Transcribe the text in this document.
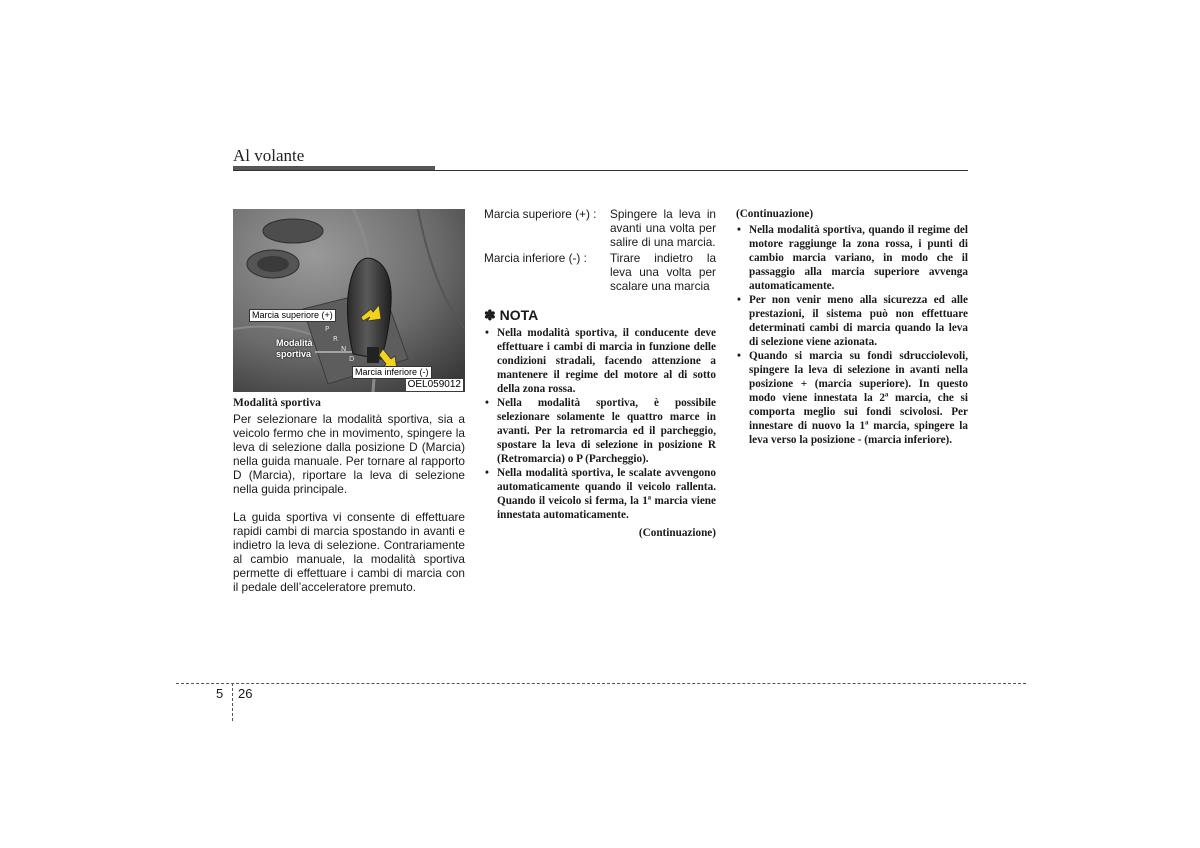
Al volante
P
R
N
D
Marcia superiore (+)
Marcia inferiore (-)
OEL059012
Modalità sportiva
Modalità sportiva

Per selezionare la modalità sportiva, sia a veicolo fermo che in movimento, spingere la leva di selezione dalla posizione D (Marcia) nella guida manuale. Per tornare al rapporto D (Marcia), riportare la leva di selezione nella guida principale.

La guida sportiva vi consente di effettuare rapidi cambi di marcia spostando in avanti e indietro la leva di selezione. Contrariamente al cambio manuale, la modalità sportiva permette di effettuare i cambi di marcia con il pedale dell’acceleratore premuto.

Marcia superiore (+) :	Spingere la leva in avanti una volta per salire di una marcia.
Marcia inferiore (-) :	Tirare indietro la leva una volta per scalare una marcia
✽ NOTA
• Nella modalità sportiva, il conducente deve effettuare i cambi di marcia in funzione delle condizioni stradali, facendo attenzione a mantenere il regime del motore al di sotto della zona rossa.
• Nella modalità sportiva, è possibile selezionare solamente le quattro marce in avanti. Per la retromarcia ed il parcheggio, spostare la leva di selezione in posizione R (Retromarcia) o P (Parcheggio).
• Nella modalità sportiva, le scalate avvengono automaticamente quando il veicolo rallenta. Quando il veicolo si ferma, la 1ª marcia viene innestata automaticamente.
(Continuazione)
(Continuazione)
• Nella modalità sportiva, quando il regime del motore raggiunge la zona rossa, i punti di cambio marcia variano, in modo che il passaggio alla marcia superiore avvenga automaticamente.
• Per non venir meno alla sicurezza ed alle prestazioni, il sistema può non effettuare determinati cambi di marcia quando la leva di selezione viene azionata.
• Quando si marcia su fondi sdrucciolevoli, spingere la leva di selezione in avanti nella posizione + (marcia superiore). In questo modo viene innestata la 2ª marcia, che si comporta meglio sui fondi scivolosi. Per innestare di nuovo la 1ª marcia, spingere la leva verso la posizione - (marcia inferiore).
5 26
